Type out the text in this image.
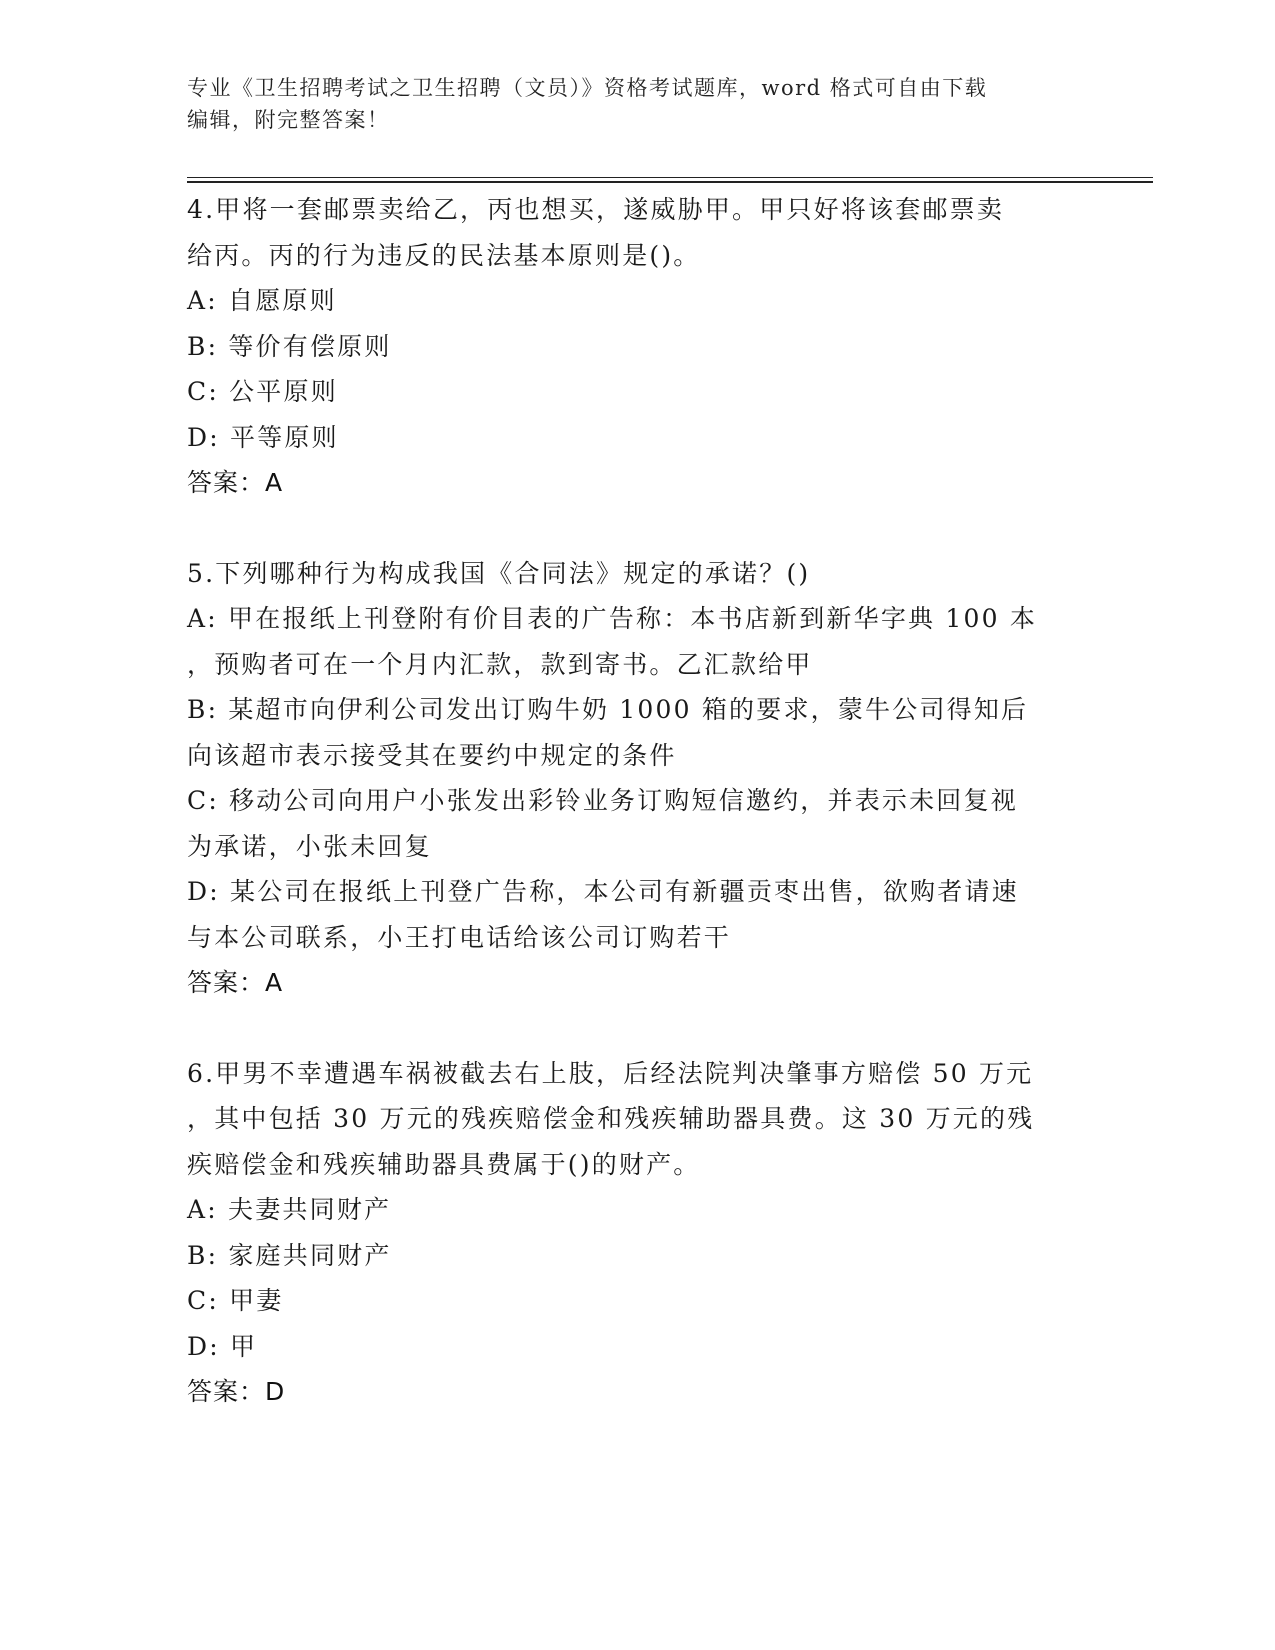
专业《卫生招聘考试之卫生招聘（文员）》资格考试题库，word 格式可自由下载
编辑，附完整答案！
4.甲将一套邮票卖给乙，丙也想买，遂威胁甲。甲只好将该套邮票卖
给丙。丙的行为违反的民法基本原则是()。
A: 自愿原则
B: 等价有偿原则
C: 公平原则
D: 平等原则
答案：A
5.下列哪种行为构成我国《合同法》规定的承诺？()
A: 甲在报纸上刊登附有价目表的广告称：本书店新到新华字典 100 本
，预购者可在一个月内汇款，款到寄书。乙汇款给甲
B: 某超市向伊利公司发出订购牛奶 1000 箱的要求，蒙牛公司得知后
向该超市表示接受其在要约中规定的条件
C: 移动公司向用户小张发出彩铃业务订购短信邀约，并表示未回复视
为承诺，小张未回复
D: 某公司在报纸上刊登广告称，本公司有新疆贡枣出售，欲购者请速
与本公司联系，小王打电话给该公司订购若干
答案：A
6.甲男不幸遭遇车祸被截去右上肢，后经法院判决肇事方赔偿 50 万元
，其中包括 30 万元的残疾赔偿金和残疾辅助器具费。这 30 万元的残
疾赔偿金和残疾辅助器具费属于()的财产。
A: 夫妻共同财产
B: 家庭共同财产
C: 甲妻
D: 甲
答案：D
